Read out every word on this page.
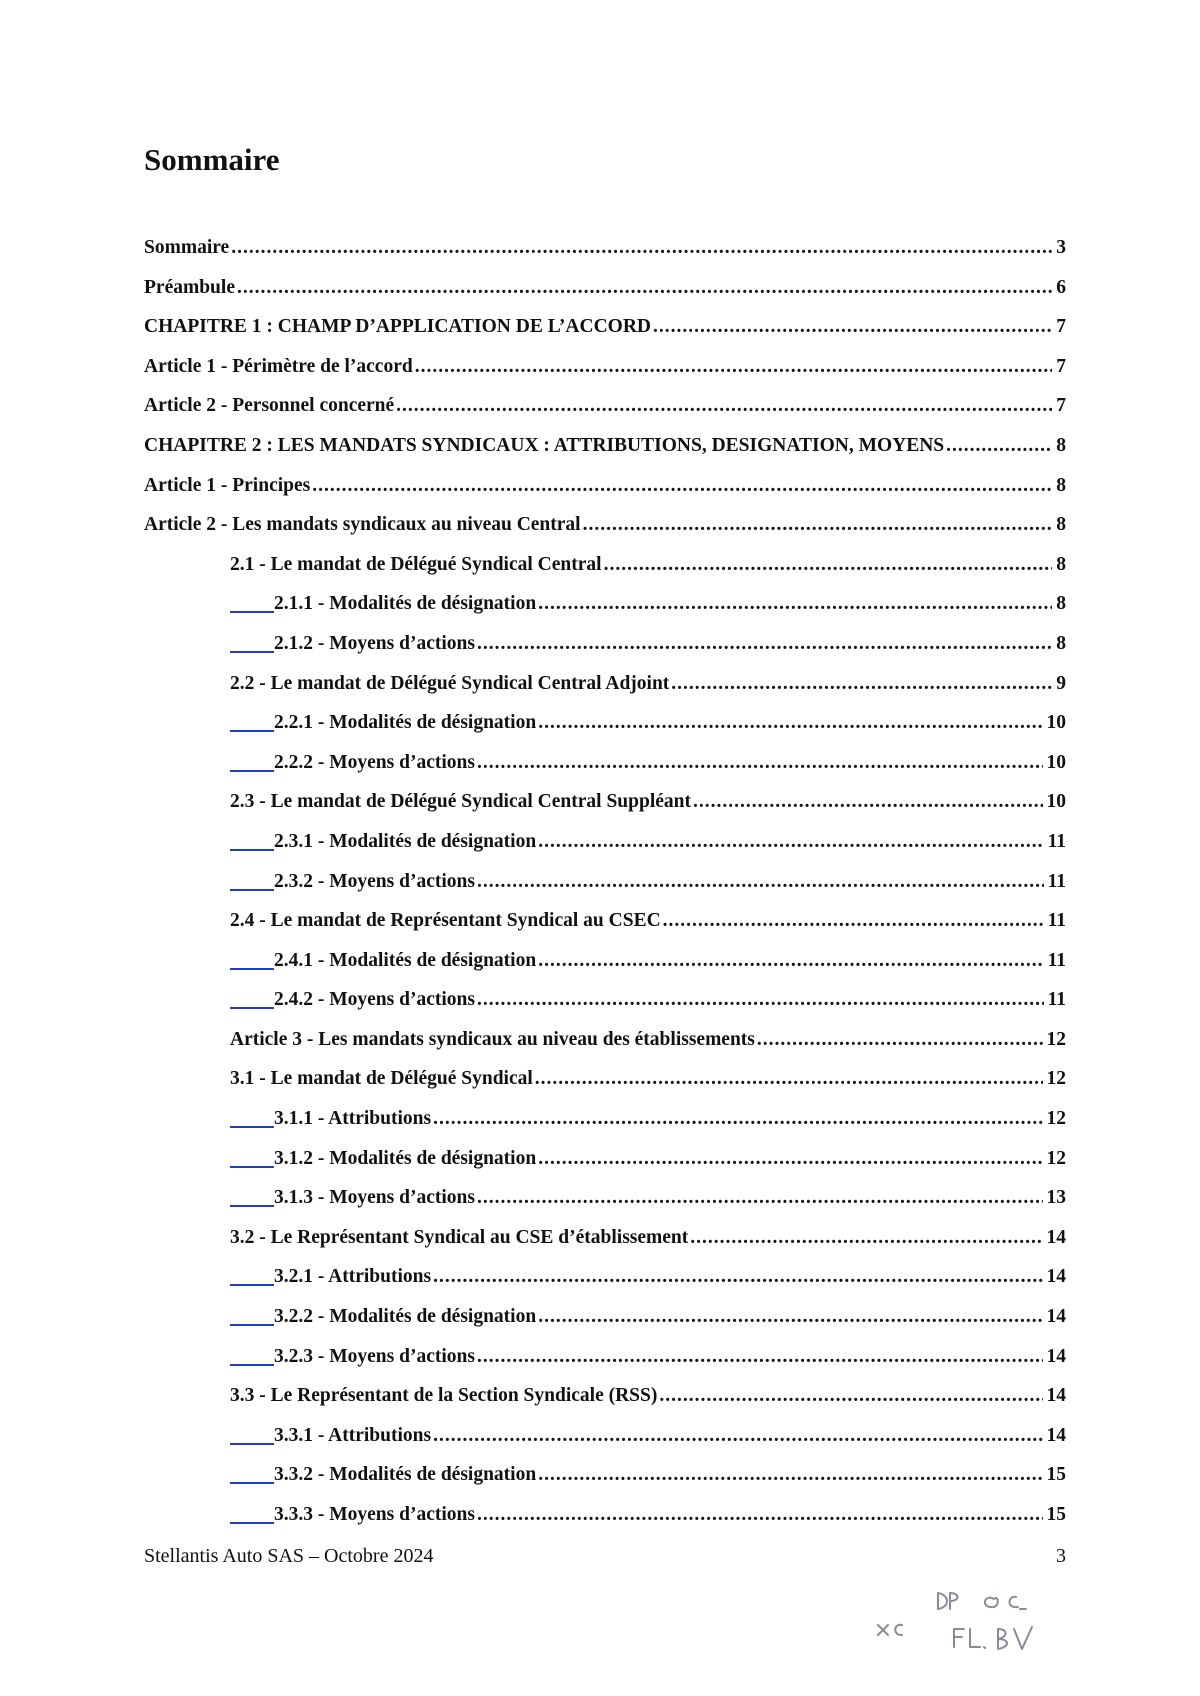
Sommaire
Sommaire .....	3
Préambule .....	6
CHAPITRE 1 : CHAMP D’APPLICATION DE L’ACCORD .....	7
Article 1 - Périmètre de l’accord .....	7
Article 2 - Personnel concerné .....	7
CHAPITRE 2 : LES MANDATS SYNDICAUX : ATTRIBUTIONS, DESIGNATION, MOYENS .....	8
Article 1 - Principes .....	8
Article 2 - Les mandats syndicaux au niveau Central .....	8
2.1 - Le mandat de Délégué Syndical Central .....	8
2.1.1 - Modalités de désignation .....	8
2.1.2 - Moyens d’actions .....	8
2.2 - Le mandat de Délégué Syndical Central Adjoint .....	9
2.2.1 - Modalités de désignation .....	10
2.2.2 - Moyens d’actions .....	10
2.3 - Le mandat de Délégué Syndical Central Suppléant .....	10
2.3.1 - Modalités de désignation .....	11
2.3.2 - Moyens d’actions .....	11
2.4 - Le mandat de Représentant Syndical au CSEC .....	11
2.4.1 - Modalités de désignation .....	11
2.4.2 - Moyens d’actions .....	11
Article 3 - Les mandats syndicaux au niveau des établissements .....	12
3.1 - Le mandat de Délégué Syndical .....	12
3.1.1 - Attributions .....	12
3.1.2 - Modalités de désignation .....	12
3.1.3 - Moyens d’actions .....	13
3.2 - Le Représentant Syndical au CSE d’établissement .....	14
3.2.1 - Attributions .....	14
3.2.2 - Modalités de désignation .....	14
3.2.3 - Moyens d’actions .....	14
3.3 - Le Représentant de la Section Syndicale (RSS) .....	14
3.3.1 - Attributions .....	14
3.3.2 - Modalités de désignation .....	15
3.3.3 - Moyens d’actions .....	15
Stellantis Auto SAS – Octobre 2024	3
